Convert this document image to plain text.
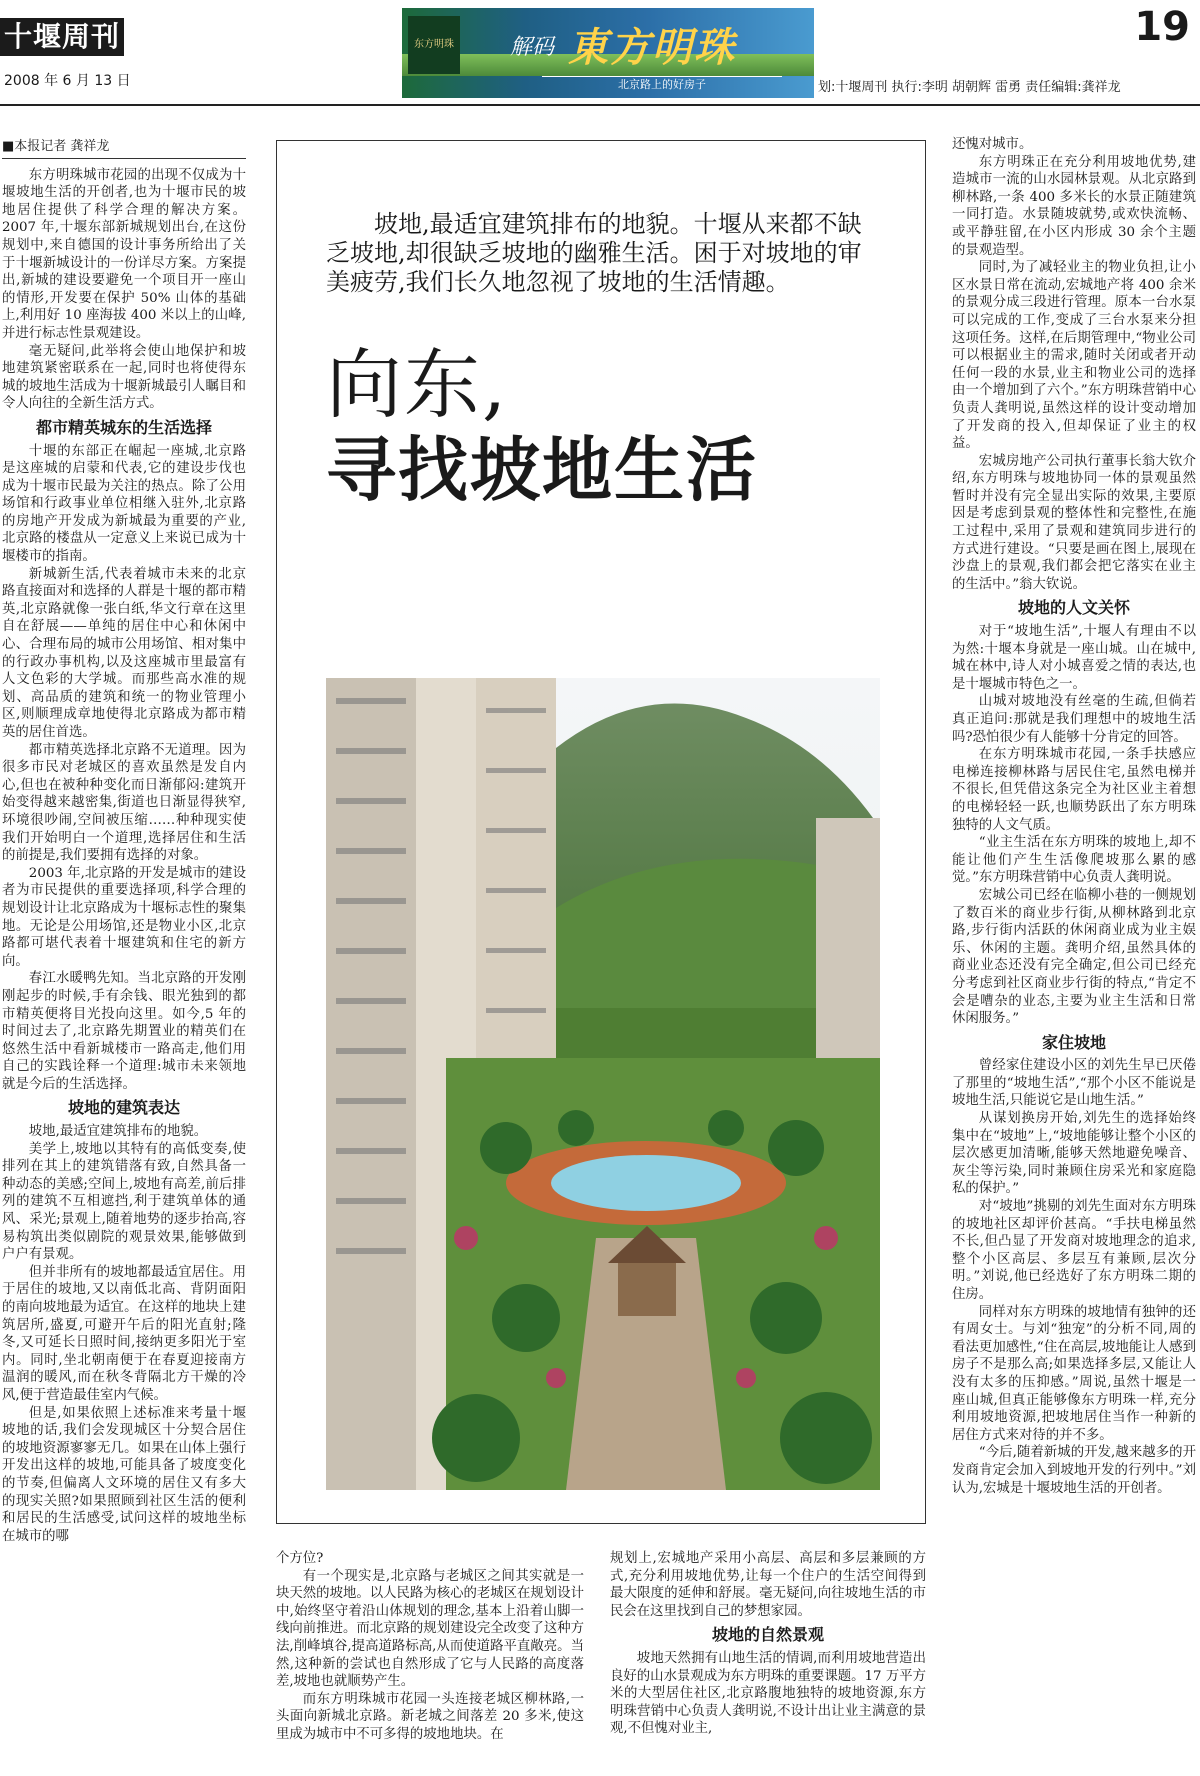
十堰周刊
2008 年 6 月 13 日
东方明珠	解码 東方明珠
北京路上的好房子
19
划:十堰周刊 执行:李明 胡朝辉 雷勇 责任编辑:龚祥龙
■本报记者 龚祥龙

东方明珠城市花园的出现不仅成为十堰坡地生活的开创者,也为十堰市民的坡地居住提供了科学合理的解决方案。2007 年,十堰东部新城规划出台,在这份规划中,来自德国的设计事务所给出了关于十堰新城设计的一份详尽方案。方案提出,新城的建设要避免一个项目开一座山的情形,开发要在保护 50% 山体的基础上,利用好 10 座海拔 400 米以上的山峰,并进行标志性景观建设。

毫无疑问,此举将会使山地保护和坡地建筑紧密联系在一起,同时也将使得东城的坡地生活成为十堰新城最引人瞩目和令人向往的全新生活方式。

都市精英城东的生活选择

十堰的东部正在崛起一座城,北京路是这座城的启蒙和代表,它的建设步伐也成为十堰市民最为关注的热点。除了公用场馆和行政事业单位相继入驻外,北京路的房地产开发成为新城最为重要的产业,北京路的楼盘从一定意义上来说已成为十堰楼市的指南。

新城新生活,代表着城市未来的北京路直接面对和选择的人群是十堰的都市精英,北京路就像一张白纸,华文行章在这里自在舒展——单纯的居住中心和休闲中心、合理布局的城市公用场馆、相对集中的行政办事机构,以及这座城市里最富有人文色彩的大学城。而那些高水准的规划、高品质的建筑和统一的物业管理小区,则顺理成章地使得北京路成为都市精英的居住首选。

都市精英选择北京路不无道理。因为很多市民对老城区的喜欢虽然是发自内心,但也在被种种变化而日渐郁闷:建筑开始变得越来越密集,街道也日渐显得狭窄,环境很吵闹,空间被压缩……种种现实使我们开始明白一个道理,选择居住和生活的前提是,我们要拥有选择的对象。

2003 年,北京路的开发是城市的建设者为市民提供的重要选择项,科学合理的规划设计让北京路成为十堰标志性的聚集地。无论是公用场馆,还是物业小区,北京路都可堪代表着十堰建筑和住宅的新方向。

春江水暖鸭先知。当北京路的开发刚刚起步的时候,手有余钱、眼光独到的都市精英便将目光投向这里。如今,5 年的时间过去了,北京路先期置业的精英们在悠然生活中看新城楼市一路高走,他们用自己的实践诠释一个道理:城市未来领地就是今后的生活选择。

坡地的建筑表达

坡地,最适宜建筑排布的地貌。

美学上,坡地以其特有的高低变奏,使排列在其上的建筑错落有致,自然具备一种动态的美感;空间上,坡地有高差,前后排列的建筑不互相遮挡,利于建筑单体的通风、采光;景观上,随着地势的逐步抬高,容易构筑出类似剧院的观景效果,能够做到户户有景观。

但并非所有的坡地都最适宜居住。用于居住的坡地,又以南低北高、背阴面阳的南向坡地最为适宜。在这样的地块上建筑居所,盛夏,可避开午后的阳光直射;隆冬,又可延长日照时间,接纳更多阳光于室内。同时,坐北朝南便于在春夏迎接南方温润的暖风,而在秋冬背隔北方干燥的冷风,便于营造最佳室内气候。

但是,如果依照上述标准来考量十堰坡地的话,我们会发现城区十分契合居住的坡地资源寥寥无几。如果在山体上强行开发出这样的坡地,可能具备了坡度变化的节奏,但偏离人文环境的居住又有多大的现实关照?如果照顾到社区生活的便利和居民的生活感受,试问这样的坡地坐标在城市的哪

坡地,最适宜建筑排布的地貌。十堰从来都不缺乏坡地,却很缺乏坡地的幽雅生活。困于对坡地的审美疲劳,我们长久地忽视了坡地的生活情趣。
向东,
寻找坡地生活

个方位?

有一个现实是,北京路与老城区之间其实就是一块天然的坡地。以人民路为核心的老城区在规划设计中,始终坚守着沿山体规划的理念,基本上沿着山脚一线向前推进。而北京路的规划建设完全改变了这种方法,削峰填谷,提高道路标高,从而使道路平直敞亮。当然,这种新的尝试也自然形成了它与人民路的高度落差,坡地也就顺势产生。

而东方明珠城市花园一头连接老城区柳林路,一头面向新城北京路。新老城之间落差 20 多米,使这里成为城市中不可多得的坡地地块。在

规划上,宏城地产采用小高层、高层和多层兼顾的方式,充分利用坡地优势,让每一个住户的生活空间得到最大限度的延伸和舒展。毫无疑问,向往坡地生活的市民会在这里找到自己的梦想家园。

坡地的自然景观

坡地天然拥有山地生活的情调,而利用坡地营造出良好的山水景观成为东方明珠的重要课题。17 万平方米的大型居住社区,北京路腹地独特的坡地资源,东方明珠营销中心负责人龚明说,不设计出让业主满意的景观,不但愧对业主,

还愧对城市。

东方明珠正在充分利用坡地优势,建造城市一流的山水园林景观。从北京路到柳林路,一条 400 多米长的水景正随建筑一同打造。水景随坡就势,或欢快流畅、或平静驻留,在小区内形成 30 余个主题的景观造型。

同时,为了减轻业主的物业负担,让小区水景日常在流动,宏城地产将 400 余米的景观分成三段进行管理。原本一台水泵可以完成的工作,变成了三台水泵来分担这项任务。这样,在后期管理中,“物业公司可以根据业主的需求,随时关闭或者开动任何一段的水景,业主和物业公司的选择由一个增加到了六个。”东方明珠营销中心负责人龚明说,虽然这样的设计变动增加了开发商的投入,但却保证了业主的权益。

宏城房地产公司执行董事长翁大钦介绍,东方明珠与坡地协同一体的景观虽然暂时并没有完全显出实际的效果,主要原因是考虑到景观的整体性和完整性,在施工过程中,采用了景观和建筑同步进行的方式进行建设。“只要是画在图上,展现在沙盘上的景观,我们都会把它落实在业主的生活中。”翁大钦说。

坡地的人文关怀

对于“坡地生活”,十堰人有理由不以为然:十堰本身就是一座山城。山在城中,城在林中,诗人对小城喜爱之情的表达,也是十堰城市特色之一。

山城对坡地没有丝毫的生疏,但倘若真正追问:那就是我们理想中的坡地生活吗?恐怕很少有人能够十分肯定的回答。

在东方明珠城市花园,一条手扶感应电梯连接柳林路与居民住宅,虽然电梯并不很长,但凭借这条完全为社区业主着想的电梯轻轻一跃,也顺势跃出了东方明珠独特的人文气质。

“业主生活在东方明珠的坡地上,却不能让他们产生生活像爬坡那么累的感觉。”东方明珠营销中心负责人龚明说。

宏城公司已经在临柳小巷的一侧规划了数百米的商业步行街,从柳林路到北京路,步行街内活跃的休闲商业成为业主娱乐、休闲的主题。龚明介绍,虽然具体的商业业态还没有完全确定,但公司已经充分考虑到社区商业步行街的特点,“肯定不会是嘈杂的业态,主要为业主生活和日常休闲服务。”

家住坡地

曾经家住建设小区的刘先生早已厌倦了那里的“坡地生活”,“那个小区不能说是坡地生活,只能说它是山地生活。”

从谋划换房开始,刘先生的选择始终集中在“坡地”上,“坡地能够让整个小区的层次感更加清晰,能够天然地避免噪音、灰尘等污染,同时兼顾住房采光和家庭隐私的保护。”

对“坡地”挑剔的刘先生面对东方明珠的坡地社区却评价甚高。“手扶电梯虽然不长,但凸显了开发商对坡地理念的追求,整个小区高层、多层互有兼顾,层次分明。”刘说,他已经选好了东方明珠二期的住房。

同样对东方明珠的坡地情有独钟的还有周女士。与刘“独宠”的分析不同,周的看法更加感性,“住在高层,坡地能让人感到房子不是那么高;如果选择多层,又能让人没有太多的压抑感。”周说,虽然十堰是一座山城,但真正能够像东方明珠一样,充分利用坡地资源,把坡地居住当作一种新的居住方式来对待的并不多。

“今后,随着新城的开发,越来越多的开发商肯定会加入到坡地开发的行列中。”刘认为,宏城是十堰坡地生活的开创者。
